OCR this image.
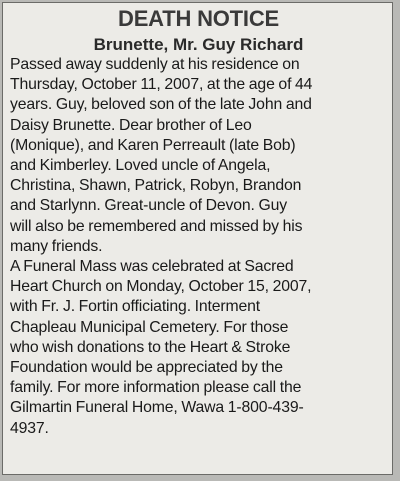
DEATH NOTICE
Brunette, Mr. Guy Richard

Passed away suddenly at his residence on
Thursday, October 11, 2007, at the age of 44
years. Guy, beloved son of the late John and
Daisy Brunette. Dear brother of Leo
(Monique), and Karen Perreault (late Bob)
and Kimberley. Loved uncle of Angela,
Christina, Shawn, Patrick, Robyn, Brandon
and Starlynn. Great-uncle of Devon. Guy
will also be remembered and missed by his
many friends.

A Funeral Mass was celebrated at Sacred
Heart Church on Monday, October 15, 2007,
with Fr. J. Fortin officiating. Interment
Chapleau Municipal Cemetery. For those
who wish donations to the Heart & Stroke
Foundation would be appreciated by the
family. For more information please call the
Gilmartin Funeral Home, Wawa 1-800-439-
4937.
